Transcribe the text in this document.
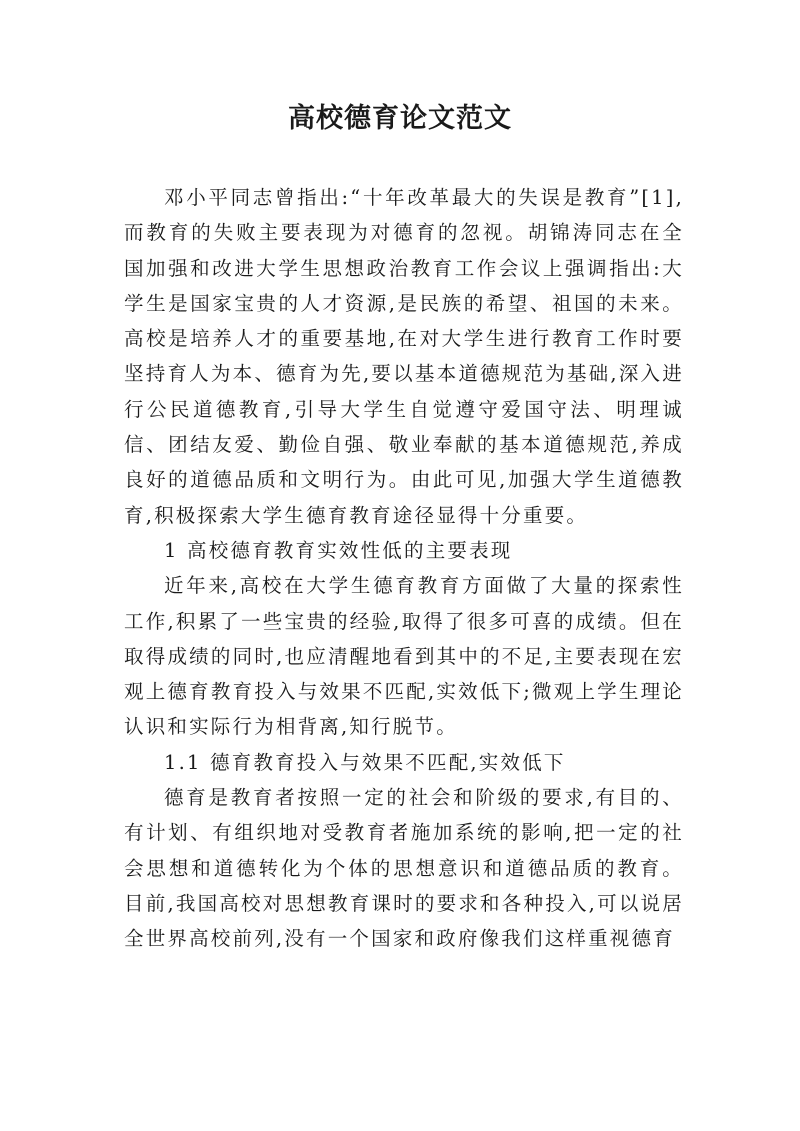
高校德育论文范文

邓小平同志曾指出:“十年改革最大的失误是教育”[1],而教育的失败主要表现为对德育的忽视。胡锦涛同志在全国加强和改进大学生思想政治教育工作会议上强调指出:大学生是国家宝贵的人才资源,是民族的希望、祖国的未来。高校是培养人才的重要基地,在对大学生进行教育工作时要坚持育人为本、德育为先,要以基本道德规范为基础,深入进行公民道德教育,引导大学生自觉遵守爱国守法、明理诚信、团结友爱、勤俭自强、敬业奉献的基本道德规范,养成良好的道德品质和文明行为。由此可见,加强大学生道德教育,积极探索大学生德育教育途径显得十分重要。

1 高校德育教育实效性低的主要表现

近年来,高校在大学生德育教育方面做了大量的探索性工作,积累了一些宝贵的经验,取得了很多可喜的成绩。但在取得成绩的同时,也应清醒地看到其中的不足,主要表现在宏观上德育教育投入与效果不匹配,实效低下;微观上学生理论认识和实际行为相背离,知行脱节。

1.1 德育教育投入与效果不匹配,实效低下

德育是教育者按照一定的社会和阶级的要求,有目的、有计划、有组织地对受教育者施加系统的影响,把一定的社会思想和道德转化为个体的思想意识和道德品质的教育。目前,我国高校对思想教育课时的要求和各种投入,可以说居全世界高校前列,没有一个国家和政府像我们这样重视德育
